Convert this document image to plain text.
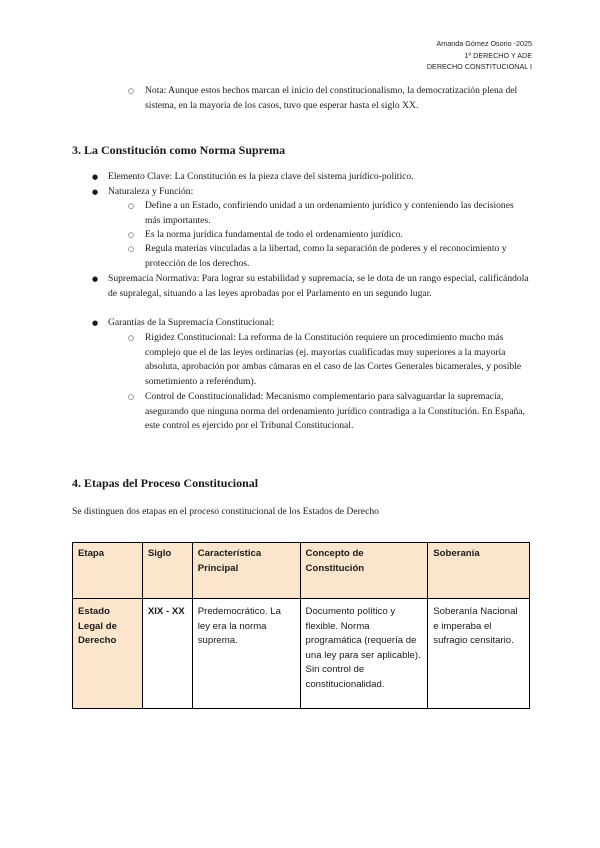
Amanda Gómez Osorio -2025
1º DERECHO Y ADE
DERECHO CONSTITUCIONAL I
○ Nota: Aunque estos hechos marcan el inicio del constitucionalismo, la democratización plena del sistema, en la mayoría de los casos, tuvo que esperar hasta el siglo XX.
3. La Constitución como Norma Suprema
● Elemento Clave: La Constitución es la pieza clave del sistema jurídico-político.
● Naturaleza y Función:
○ Define a un Estado, confiriendo unidad a un ordenamiento jurídico y conteniendo las decisiones más importantes.
○ Es la norma jurídica fundamental de todo el ordenamiento jurídico.
○ Regula materias vinculadas a la libertad, como la separación de poderes y el reconocimiento y protección de los derechos.
● Supremacía Normativa: Para lograr su estabilidad y supremacía, se le dota de un rango especial, calificándola de supralegal, situando a las leyes aprobadas por el Parlamento en un segundo lugar.
● Garantías de la Supremacía Constitucional:
○ Rigidez Constitucional: La reforma de la Constitución requiere un procedimiento mucho más complejo que el de las leyes ordinarias (ej. mayorías cualificadas muy superiores a la mayoría absoluta, aprobación por ambas cámaras en el caso de las Cortes Generales bicamerales, y posible sometimiento a referéndum).
○ Control de Constitucionalidad: Mecanismo complementario para salvaguardar la supremacía, asegurando que ninguna norma del ordenamiento jurídico contradiga a la Constitución. En España, este control es ejercido por el Tribunal Constitucional.
4. Etapas del Proceso Constitucional
Se distinguen dos etapas en el proceso constitucional de los Estados de Derecho
Etapa	Siglo	Característica Principal	Concepto de Constitución	Soberanía
Estado Legal de Derecho	XIX - XX	Predemocrático. La ley era la norma suprema.	Documento político y flexible. Norma programática (requería de una ley para ser aplicable). Sin control de constitucionalidad.	Soberanía Nacional e imperaba el sufragio censitario.
